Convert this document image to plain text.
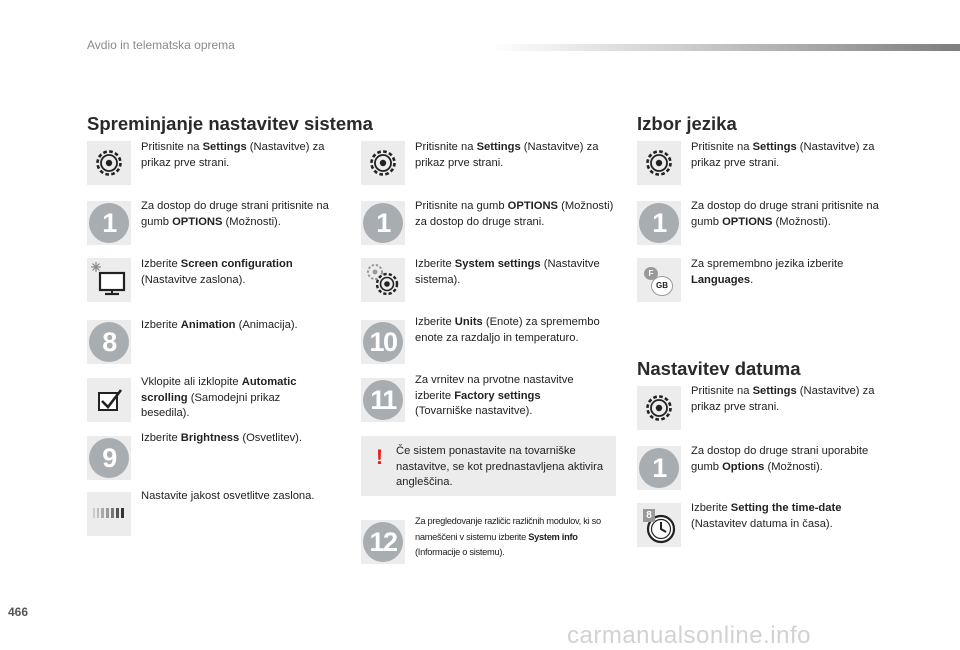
Avdio in telematska oprema
Spreminjanje nastavitev sistema
Pritisnite na Settings (Nastavitve) za prikaz prve strani.
1
Za dostop do druge strani pritisnite na gumb OPTIONS (Možnosti).
Izberite Screen configuration (Nastavitve zaslona).
8
Izberite Animation (Animacija).
Vklopite ali izklopite Automatic scrolling (Samodejni prikaz besedila).
9
Izberite Brightness (Osvetlitev).
Nastavite jakost osvetlitve zaslona.
Pritisnite na Settings (Nastavitve) za prikaz prve strani.
1
Pritisnite na gumb OPTIONS (Možnosti) za dostop do druge strani.
Izberite System settings (Nastavitve sistema).
10
Izberite Units (Enote) za spremembo enote za razdaljo in temperaturo.
11
Za vrnitev na prvotne nastavitve izberite Factory settings (Tovarniške nastavitve).
! Če sistem ponastavite na tovarniške nastavitve, se kot prednastavljena aktivira angleščina.
12
Za pregledovanje različic različnih modulov, ki so nameščeni v sistemu izberite System info (Informacije o sistemu).
Izbor jezika
Pritisnite na Settings (Nastavitve) za prikaz prve strani.
1
Za dostop do druge strani pritisnite na gumb OPTIONS (Možnosti).
F
GB
Za spremembno jezika izberite Languages.
Nastavitev datuma
Pritisnite na Settings (Nastavitve) za prikaz prve strani.
1
Za dostop do druge strani uporabite gumb Options (Možnosti).
8
Izberite Setting the time-date (Nastavitev datuma in časa).
466
carmanualsonline.info
